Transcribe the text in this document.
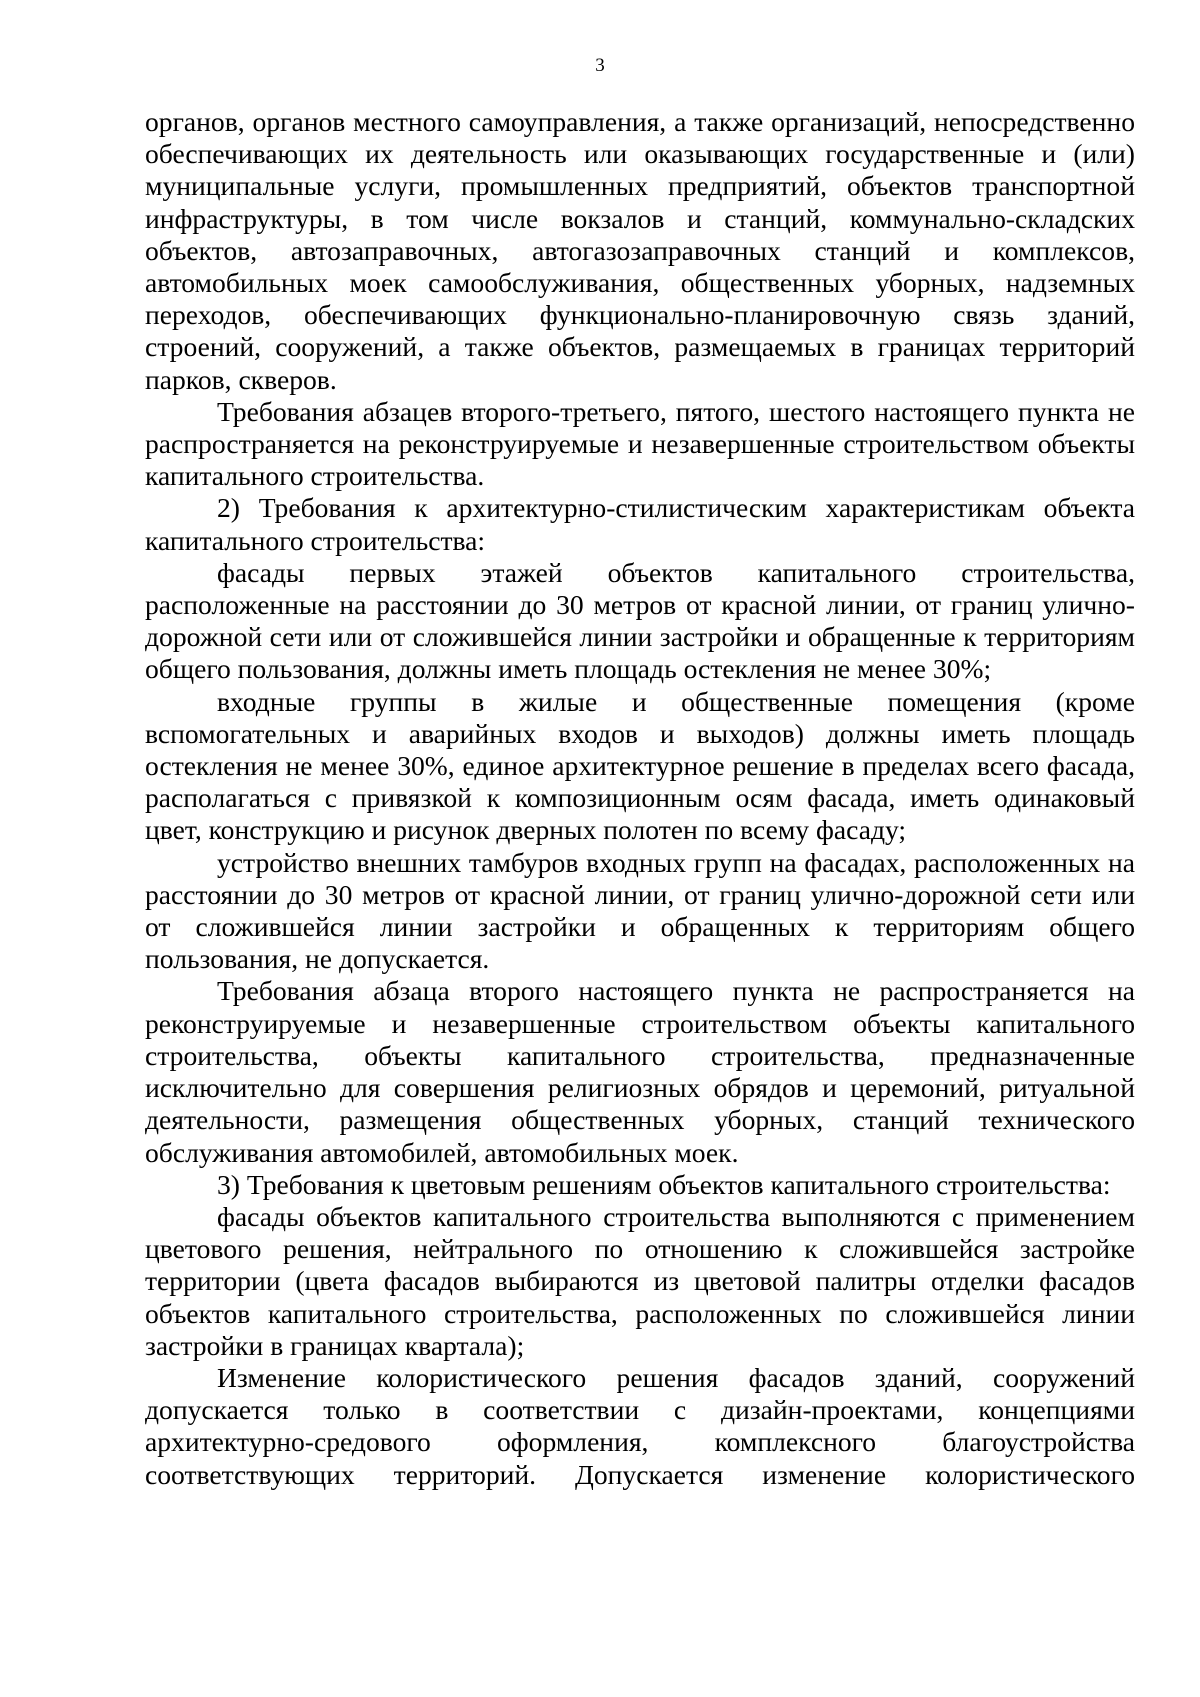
3

органов, органов местного самоуправления, а также организаций, непосредственно обеспечивающих их деятельность или оказывающих государственные и (или) муниципальные услуги, промышленных предприятий, объектов транспортной инфраструктуры, в том числе вокзалов и станций, коммунально-складских объектов, автозаправочных, автогазозаправочных станций и комплексов, автомобильных моек самообслуживания, общественных уборных, надземных переходов, обеспечивающих функционально-планировочную связь зданий, строений, сооружений, а также объектов, размещаемых в границах территорий парков, скверов.

Требования абзацев второго-третьего, пятого, шестого настоящего пункта не распространяется на реконструируемые и незавершенные строительством объекты капитального строительства.

2) Требования к архитектурно-стилистическим характеристикам объекта капитального строительства:

фасады первых этажей объектов капитального строительства, расположенные на расстоянии до 30 метров от красной линии, от границ улично-дорожной сети или от сложившейся линии застройки и обращенные к территориям общего пользования, должны иметь площадь остекления не менее 30%;

входные группы в жилые и общественные помещения (кроме вспомогательных и аварийных входов и выходов) должны иметь площадь остекления не менее 30%, единое архитектурное решение в пределах всего фасада, располагаться с привязкой к композиционным осям фасада, иметь одинаковый цвет, конструкцию и рисунок дверных полотен по всему фасаду;

устройство внешних тамбуров входных групп на фасадах, расположенных на расстоянии до 30 метров от красной линии, от границ улично-дорожной сети или от сложившейся линии застройки и обращенных к территориям общего пользования, не допускается.

Требования абзаца второго настоящего пункта не распространяется на реконструируемые и незавершенные строительством объекты капитального строительства, объекты капитального строительства, предназначенные исключительно для совершения религиозных обрядов и церемоний, ритуальной деятельности, размещения общественных уборных, станций технического обслуживания автомобилей, автомобильных моек.

3) Требования к цветовым решениям объектов капитального строительства:

фасады объектов капитального строительства выполняются с применением цветового решения, нейтрального по отношению к сложившейся застройке территории (цвета фасадов выбираются из цветовой палитры отделки фасадов объектов капитального строительства, расположенных по сложившейся линии застройки в границах квартала);

Изменение колористического решения фасадов зданий, сооружений допускается только в соответствии с дизайн-проектами, концепциями архитектурно-средового оформления, комплексного благоустройства соответствующих территорий. Допускается изменение колористического
